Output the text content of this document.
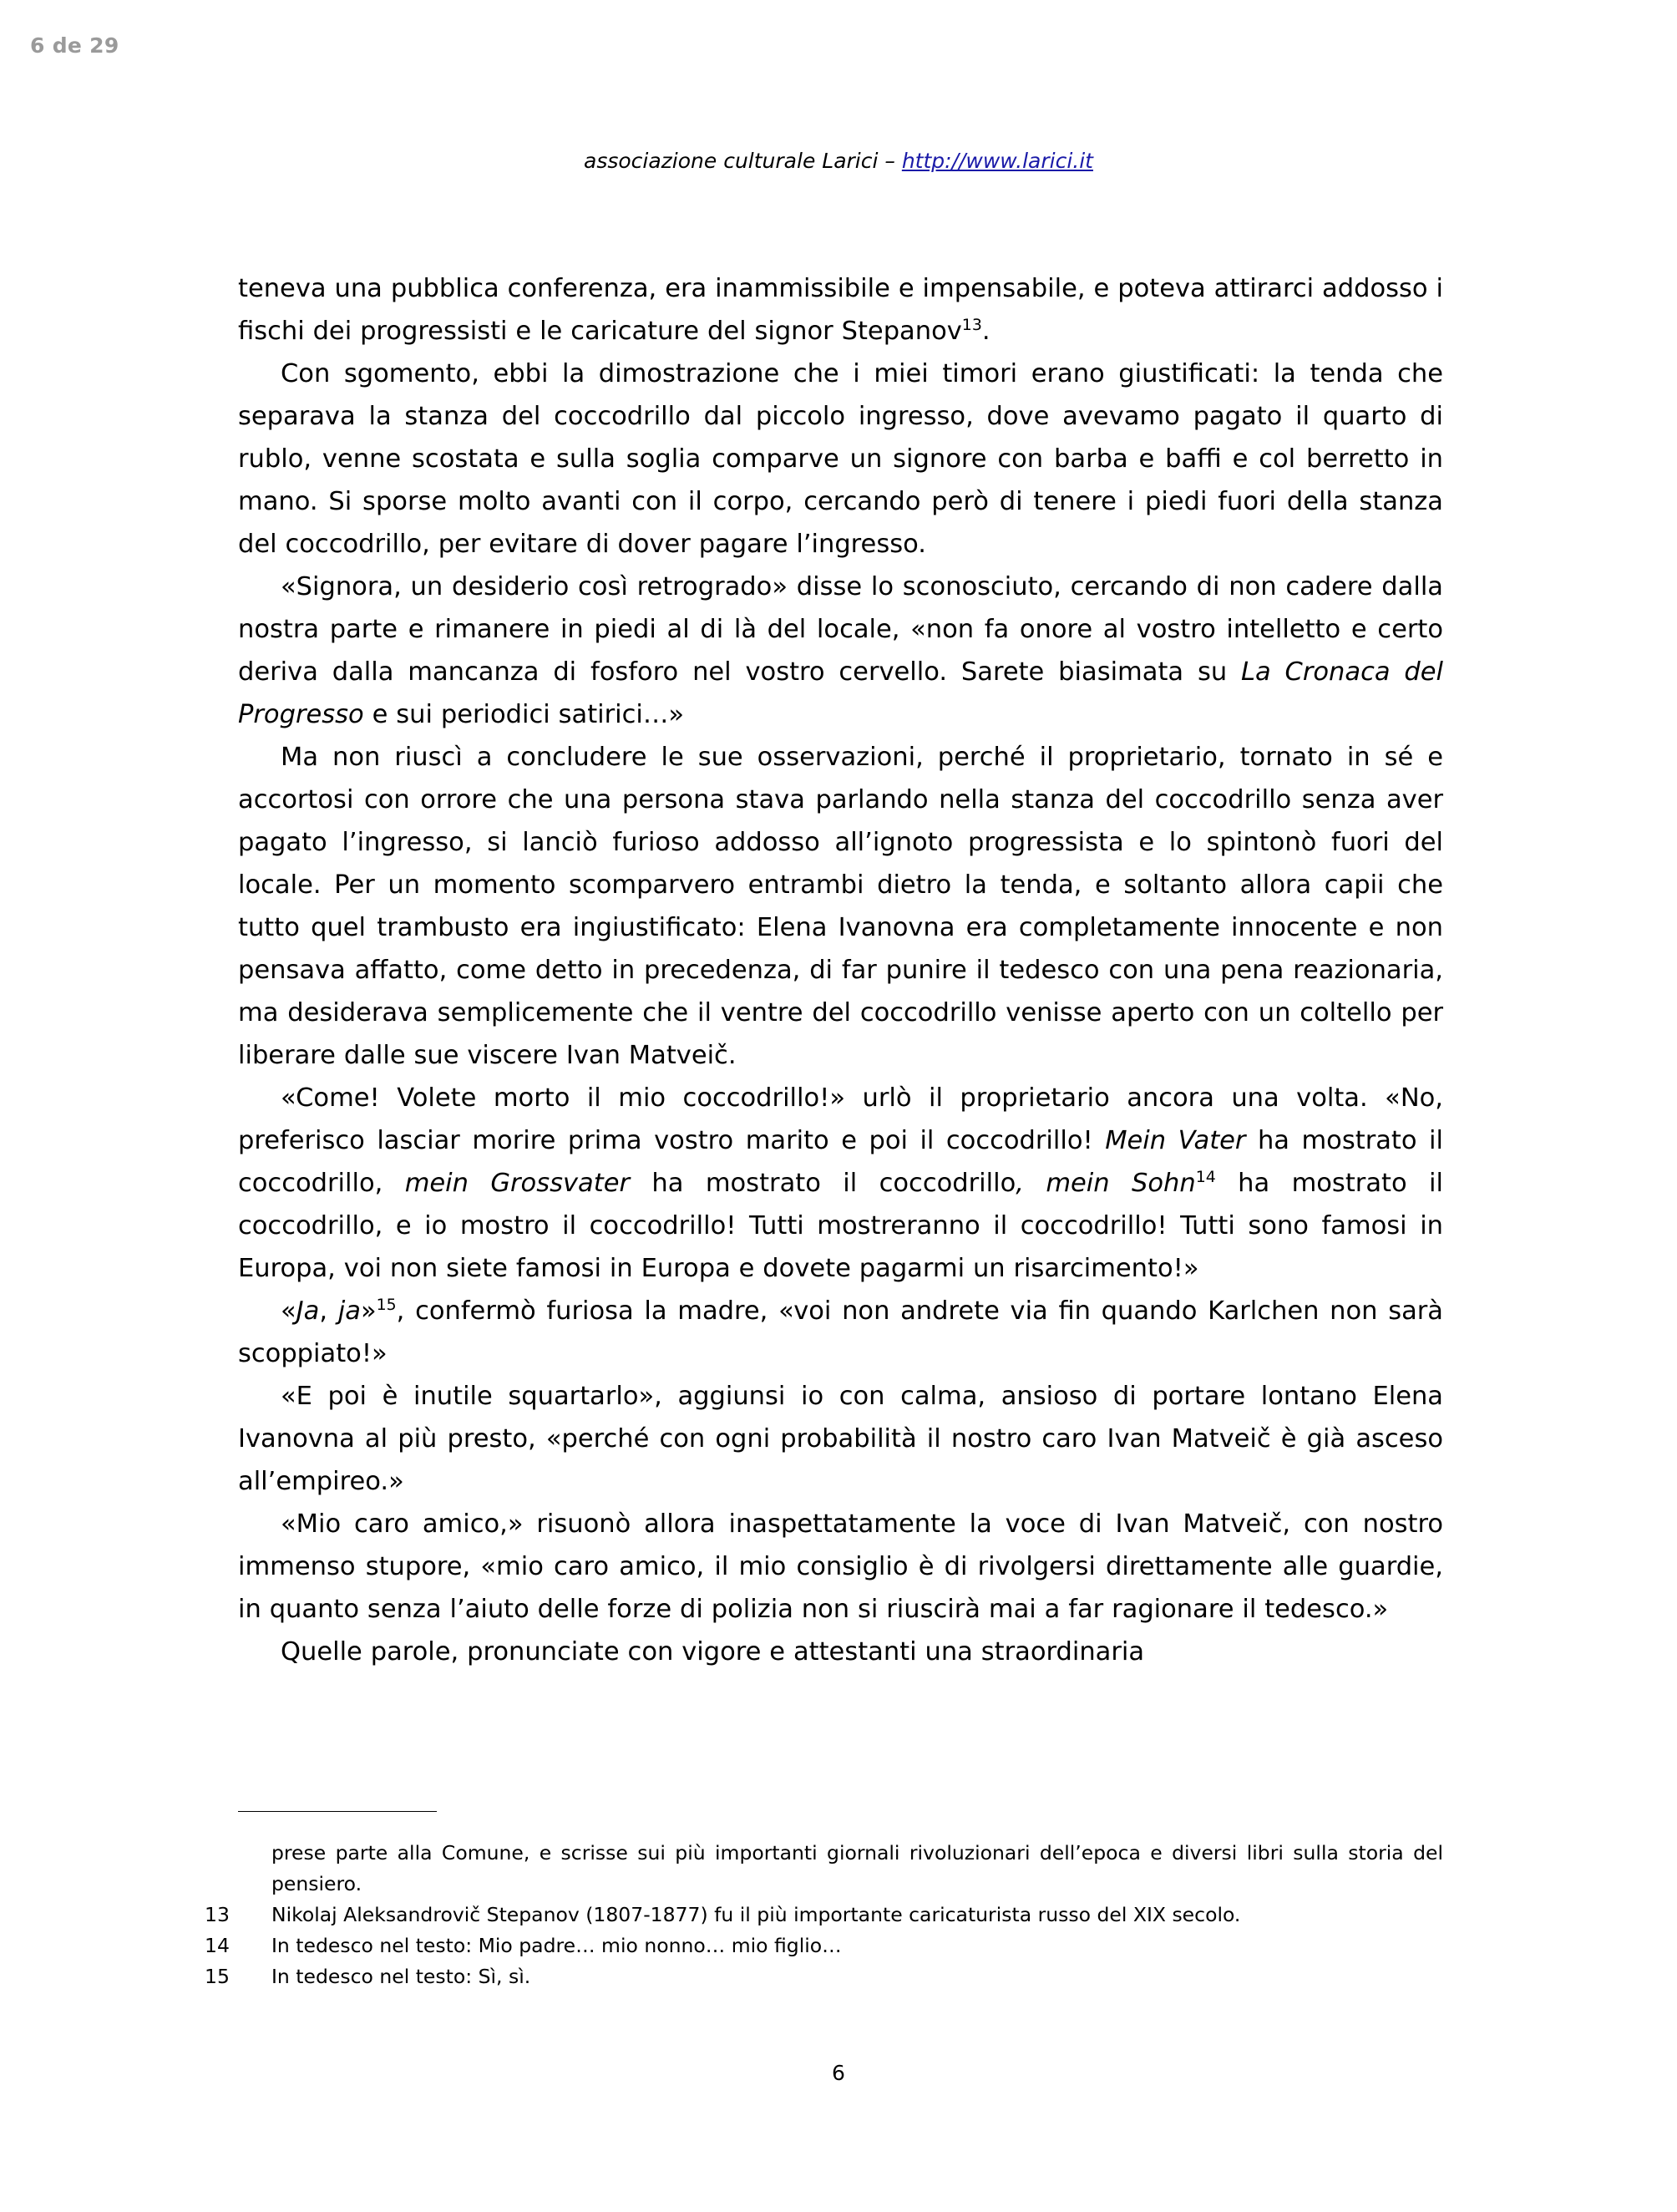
6 de 29
associazione culturale Larici – http://www.larici.it

teneva una pubblica conferenza, era inammissibile e impensabile, e poteva attirarci addosso i fischi dei progressisti e le caricature del signor Stepanov$^{13}$.

Con sgomento, ebbi la dimostrazione che i miei timori erano giustificati: la tenda che separava la stanza del coccodrillo dal piccolo ingresso, dove avevamo pagato il quarto di rublo, venne scostata e sulla soglia comparve un signore con barba e baffi e col berretto in mano. Si sporse molto avanti con il corpo, cercando però di tenere i piedi fuori della stanza del coccodrillo, per evitare di dover pagare l’ingresso.

«Signora, un desiderio così retrogrado» disse lo sconosciuto, cercando di non cadere dalla nostra parte e rimanere in piedi al di là del locale, «non fa onore al vostro intelletto e certo deriva dalla mancanza di fosforo nel vostro cervello. Sarete biasimata su La Cronaca del Progresso e sui periodici satirici…»

Ma non riuscì a concludere le sue osservazioni, perché il proprietario, tornato in sé e accortosi con orrore che una persona stava parlando nella stanza del coccodrillo senza aver pagato l’ingresso, si lanciò furioso addosso all’ignoto progressista e lo spintonò fuori del locale. Per un momento scomparvero entrambi dietro la tenda, e soltanto allora capii che tutto quel trambusto era ingiustificato: Elena Ivanovna era completamente innocente e non pensava affatto, come detto in precedenza, di far punire il tedesco con una pena reazionaria, ma desiderava semplicemente che il ventre del coccodrillo venisse aperto con un coltello per liberare dalle sue viscere Ivan Matveič.

«Come! Volete morto il mio coccodrillo!» urlò il proprietario ancora una volta. «No, preferisco lasciar morire prima vostro marito e poi il coccodrillo! Mein Vater ha mostrato il coccodrillo, mein Grossvater ha mostrato il coccodrillo, mein Sohn$^{14}$ ha mostrato il coccodrillo, e io mostro il coccodrillo! Tutti mostreranno il coccodrillo! Tutti sono famosi in Europa, voi non siete famosi in Europa e dovete pagarmi un risarcimento!»

«Ja, ja»$^{15}$, confermò furiosa la madre, «voi non andrete via fin quando Karlchen non sarà scoppiato!»

«E poi è inutile squartarlo», aggiunsi io con calma, ansioso di portare lontano Elena Ivanovna al più presto, «perché con ogni probabilità il nostro caro Ivan Matveič è già asceso all’empireo.»

«Mio caro amico,» risuonò allora inaspettatamente la voce di Ivan Matveič, con nostro immenso stupore, «mio caro amico, il mio consiglio è di rivolgersi direttamente alle guardie, in quanto senza l’aiuto delle forze di polizia non si riuscirà mai a far ragionare il tedesco.»

Quelle parole, pronunciate con vigore e attestanti una straordinaria

prese parte alla Comune, e scrisse sui più importanti giornali rivoluzionari dell’epoca e diversi libri sulla storia del pensiero.

13 Nikolaj Aleksandrovič Stepanov (1807-1877) fu il più importante caricaturista russo del XIX secolo.

14 In tedesco nel testo: Mio padre… mio nonno… mio figlio…

15 In tedesco nel testo: Sì, sì.

6
